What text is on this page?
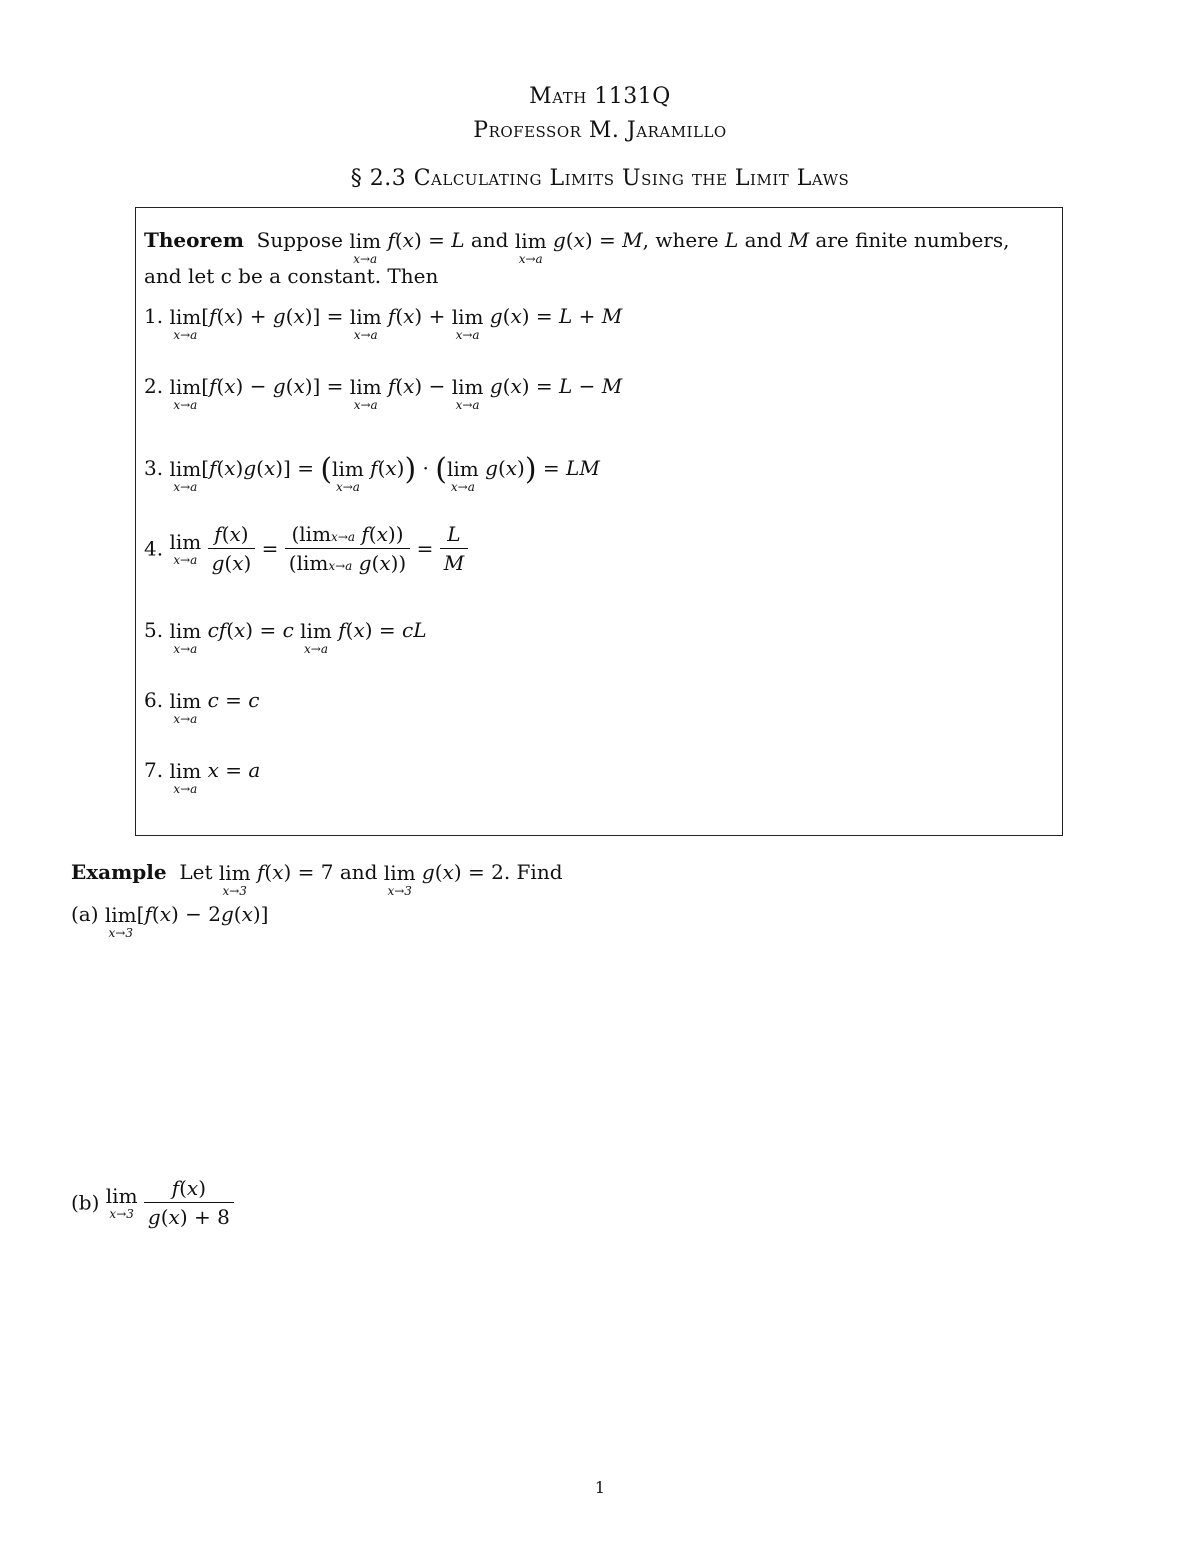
Math 1131Q
Professor M. Jaramillo
§ 2.3 Calculating Limits Using the Limit Laws
Theorem Suppose lim
x→a
f(x) = L and lim
x→a
g(x) = M, where L and M are finite numbers,
and let c be a constant. Then
1. lim
x→a
[f(x) + g(x)] = lim
x→a
f(x) + lim
x→a
g(x) = L + M
2. lim
x→a
[f(x) − g(x)] = lim
x→a
f(x) − lim
x→a
g(x) = L − M
3. lim
x→a
[f(x)g(x)] = ( lim
x→a
f(x)) · ( lim
x→a
g(x)) = LM
4. lim
x→a
$\frac{f(x)}{g(x)} = \frac{\text{(limx→a f(x))}}{\text{(limx→a g(x))}} = \frac{L}{M}$
5. lim
x→a
cf(x) = c lim
x→a
f(x) = cL
6. lim
x→a
c = c
7. lim
x→a
x = a
Example Let lim
x→3
f(x) = 7 and lim
x→3
g(x) = 2. Find
(a) lim
x→3
[f(x) − 2g(x)]
(b) lim
x→3
$\frac{f(x)}{g(x) + 8}$
1
